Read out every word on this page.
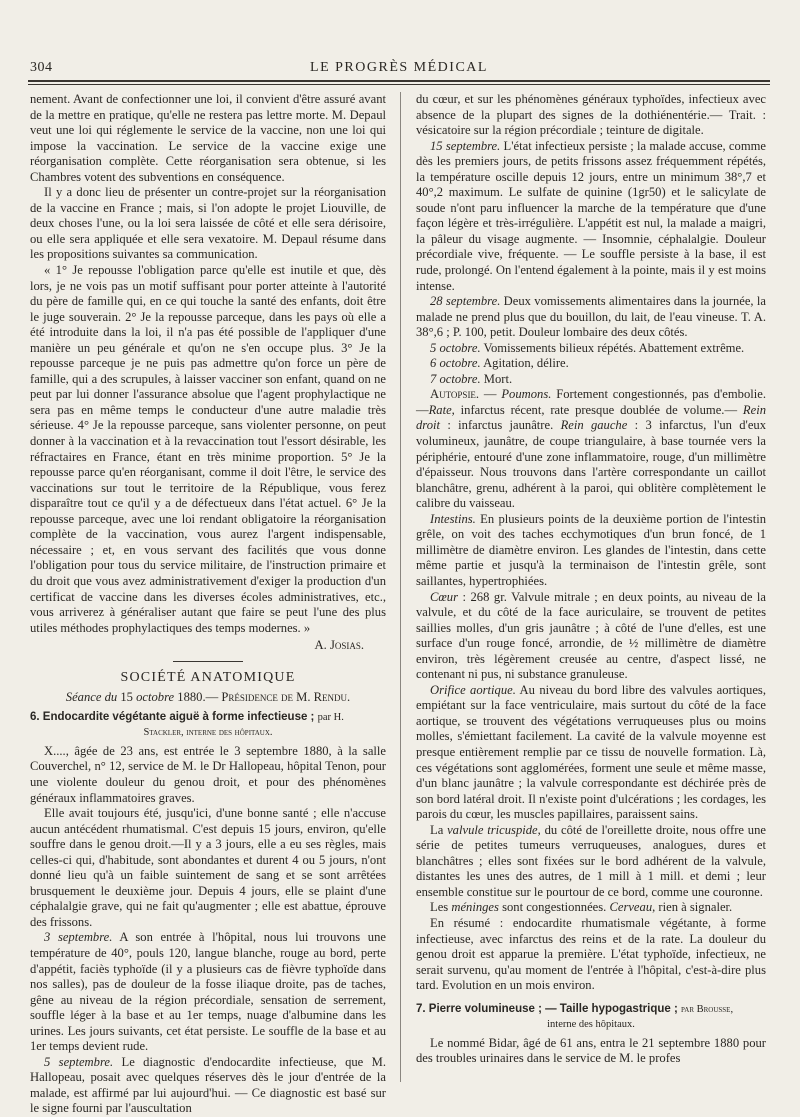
304	LE PROGRÈS MÉDICAL

nement. Avant de confectionner une loi, il convient d'être assuré avant de la mettre en pratique, qu'elle ne restera pas lettre morte. M. Depaul veut une loi qui réglemente le service de la vaccine, non une loi qui impose la vaccination. Le service de la vaccine exige une réorganisation complète. Cette réorganisation sera obtenue, si les Chambres votent des subventions en conséquence.

Il y a donc lieu de présenter un contre-projet sur la réorganisation de la vaccine en France ; mais, si l'on adopte le projet Liouville, de deux choses l'une, ou la loi sera laissée de côté et elle sera dérisoire, ou elle sera appliquée et elle sera vexatoire. M. Depaul résume dans les propositions suivantes sa communication.

« 1° Je repousse l'obligation parce qu'elle est inutile et que, dès lors, je ne vois pas un motif suffisant pour porter atteinte à l'autorité du père de famille qui, en ce qui touche la santé des enfants, doit être le juge souverain. 2° Je la repousse parceque, dans les pays où elle a été introduite dans la loi, il n'a pas été possible de l'appliquer d'une manière un peu générale et qu'on ne s'en occupe plus. 3° Je la repousse parceque je ne puis pas admettre qu'on force un père de famille, qui a des scrupules, à laisser vacciner son enfant, quand on ne peut par lui donner l'assurance absolue que l'agent prophylactique ne sera pas en même temps le conducteur d'une autre maladie très sérieuse. 4° Je la repousse parceque, sans violenter personne, on peut donner à la vaccination et à la revaccination tout l'essort désirable, les réfractaires en France, étant en très minime proportion. 5° Je la repousse parce qu'en réorganisant, comme il doit l'être, le service des vaccinations sur tout le territoire de la République, vous ferez disparaître tout ce qu'il y a de défectueux dans l'état actuel. 6° Je la repousse parceque, avec une loi rendant obligatoire la réorganisation complète de la vaccination, vous aurez l'argent indispensable, nécessaire ; et, en vous servant des facilités que vous donne l'obligation pour tous du service militaire, de l'instruction primaire et du droit que vous avez administrativement d'exiger la production d'un certificat de vaccine dans les diverses écoles administratives, etc., vous arriverez à généraliser autant que faire se peut l'une des plus utiles méthodes prophylactiques des temps modernes. »

A. Josias.

SOCIÉTÉ ANATOMIQUE
Séance du 15 octobre 1880.— Présidence de M. Rendu.
6. Endocardite végétante aiguë à forme infectieuse ; par H.
Stackler, interne des hôpitaux.

X...., âgée de 23 ans, est entrée le 3 septembre 1880, à la salle Couverchel, n° 12, service de M. le Dr Hallopeau, hôpital Tenon, pour une violente douleur du genou droit, et pour des phénomènes généraux inflammatoires graves.

Elle avait toujours été, jusqu'ici, d'une bonne santé ; elle n'accuse aucun antécédent rhumatismal. C'est depuis 15 jours, environ, qu'elle souffre dans le genou droit.—Il y a 3 jours, elle a eu ses règles, mais celles-ci qui, d'habitude, sont abondantes et durent 4 ou 5 jours, n'ont donné lieu qu'à un faible suintement de sang et se sont arrêtées brusquement le deuxième jour. Depuis 4 jours, elle se plaint d'une céphalalgie grave, qui ne fait qu'augmenter ; elle est abattue, éprouve des frissons.

3 septembre. A son entrée à l'hôpital, nous lui trouvons une température de 40°, pouls 120, langue blanche, rouge au bord, perte d'appétit, faciès typhoïde (il y a plusieurs cas de fièvre typhoïde dans nos salles), pas de douleur de la fosse iliaque droite, pas de taches, gêne au niveau de la région précordiale, sensation de serrement, souffle léger à la base et au 1er temps, nuage d'albumine dans les urines. Les jours suivants, cet état persiste. Le souffle de la base et au 1er temps devient rude.

5 septembre. Le diagnostic d'endocardite infectieuse, que M. Hallopeau, posait avec quelques réserves dès le jour d'entrée de la malade, est affirmé par lui aujourd'hui. — Ce diagnostic est basé sur le signe fourni par l'auscultation

du cœur, et sur les phénomènes généraux typhoïdes, infectieux avec absence de la plupart des signes de la dothiénentérie.— Trait. : vésicatoire sur la région précordiale ; teinture de digitale.

15 septembre. L'état infectieux persiste ; la malade accuse, comme dès les premiers jours, de petits frissons assez fréquemment répétés, la température oscille depuis 12 jours, entre un minimum 38°,7 et 40°,2 maximum. Le sulfate de quinine (1gr50) et le salicylate de soude n'ont paru influencer la marche de la température que d'une façon légère et très-irrégulière. L'appétit est nul, la malade a maigri, la pâleur du visage augmente. — Insomnie, céphalalgie. Douleur précordiale vive, fréquente. — Le souffle persiste à la base, il est rude, prolongé. On l'entend également à la pointe, mais il y est moins intense.

28 septembre. Deux vomissements alimentaires dans la journée, la malade ne prend plus que du bouillon, du lait, de l'eau vineuse. T. A. 38°,6 ; P. 100, petit. Douleur lombaire des deux côtés.

5 octobre. Vomissements bilieux répétés. Abattement extrême.

6 octobre. Agitation, délire.

7 octobre. Mort.

Autopsie. — Poumons. Fortement congestionnés, pas d'embolie.—Rate, infarctus récent, rate presque doublée de volume.— Rein droit : infarctus jaunâtre. Rein gauche : 3 infarctus, l'un d'eux volumineux, jaunâtre, de coupe triangulaire, à base tournée vers la périphérie, entouré d'une zone inflammatoire, rouge, d'un millimètre d'épaisseur. Nous trouvons dans l'artère correspondante un caillot blanchâtre, grenu, adhérent à la paroi, qui oblitère complètement le calibre du vaisseau.

Intestins. En plusieurs points de la deuxième portion de l'intestin grêle, on voit des taches ecchymotiques d'un brun foncé, de 1 millimètre de diamètre environ. Les glandes de l'intestin, dans cette même partie et jusqu'à la terminaison de l'intestin grêle, sont saillantes, hypertrophiées.

Cœur : 268 gr. Valvule mitrale ; en deux points, au niveau de la valvule, et du côté de la face auriculaire, se trouvent de petites saillies molles, d'un gris jaunâtre ; à côté de l'une d'elles, est une surface d'un rouge foncé, arrondie, de ½ millimètre de diamètre environ, très légèrement creusée au centre, d'aspect lissé, ne contenant ni pus, ni substance granuleuse.

Orifice aortique. Au niveau du bord libre des valvules aortiques, empiétant sur la face ventriculaire, mais surtout du côté de la face aortique, se trouvent des végétations verruqueuses plus ou moins molles, s'émiettant facilement. La cavité de la valvule moyenne est presque entièrement remplie par ce tissu de nouvelle formation. Là, ces végétations sont agglomérées, forment une seule et même masse, d'un blanc jaunâtre ; la valvule correspondante est déchirée près de son bord latéral droit. Il n'existe point d'ulcérations ; les cordages, les parois du cœur, les muscles papillaires, paraissent sains.

La valvule tricuspide, du côté de l'oreillette droite, nous offre une série de petites tumeurs verruqueuses, analogues, dures et blanchâtres ; elles sont fixées sur le bord adhérent de la valvule, distantes les unes des autres, de 1 mill à 1 mill. et demi ; leur ensemble constitue sur le pourtour de ce bord, comme une couronne.

Les méninges sont congestionnées. Cerveau, rien à signaler.

En résumé : endocardite rhumatismale végétante, à forme infectieuse, avec infarctus des reins et de la rate. La douleur du genou droit est apparue la première. L'état typhoïde, infectieux, ne serait survenu, qu'au moment de l'entrée à l'hôpital, c'est-à-dire plus tard. Evolution en un mois environ.

7. Pierre volumineuse ; — Taille hypogastrique ; par Brousse,
interne des hôpitaux.

Le nommé Bidar, âgé de 61 ans, entra le 21 septembre 1880 pour des troubles urinaires dans le service de M. le profes
